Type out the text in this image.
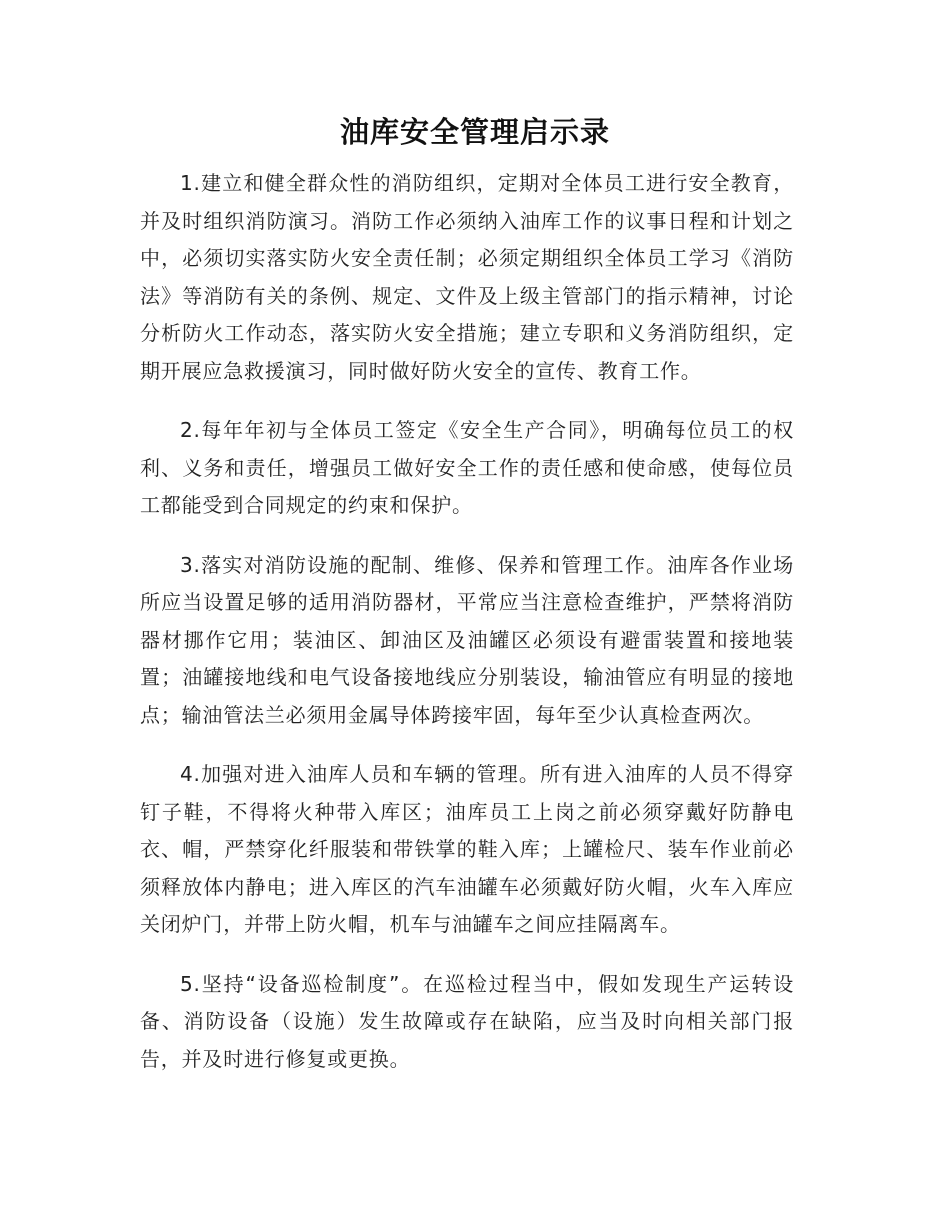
油库安全管理启示录

1.建立和健全群众性的消防组织，定期对全体员工进行安全教育，并及时组织消防演习。消防工作必须纳入油库工作的议事日程和计划之中，必须切实落实防火安全责任制；必须定期组织全体员工学习《消防法》等消防有关的条例、规定、文件及上级主管部门的指示精神，讨论分析防火工作动态，落实防火安全措施；建立专职和义务消防组织，定期开展应急救援演习，同时做好防火安全的宣传、教育工作。

2.每年年初与全体员工签定《安全生产合同》，明确每位员工的权利、义务和责任，增强员工做好安全工作的责任感和使命感，使每位员工都能受到合同规定的约束和保护。

3.落实对消防设施的配制、维修、保养和管理工作。油库各作业场所应当设置足够的适用消防器材，平常应当注意检查维护，严禁将消防器材挪作它用；装油区、卸油区及油罐区必须设有避雷装置和接地装置；油罐接地线和电气设备接地线应分别装设，输油管应有明显的接地点；输油管法兰必须用金属导体跨接牢固，每年至少认真检查两次。

4.加强对进入油库人员和车辆的管理。所有进入油库的人员不得穿钉子鞋，不得将火种带入库区；油库员工上岗之前必须穿戴好防静电衣、帽，严禁穿化纤服装和带铁掌的鞋入库；上罐检尺、装车作业前必须释放体内静电；进入库区的汽车油罐车必须戴好防火帽，火车入库应关闭炉门，并带上防火帽，机车与油罐车之间应挂隔离车。

5.坚持“设备巡检制度”。在巡检过程当中，假如发现生产运转设备、消防设备（设施）发生故障或存在缺陷，应当及时向相关部门报告，并及时进行修复或更换。
